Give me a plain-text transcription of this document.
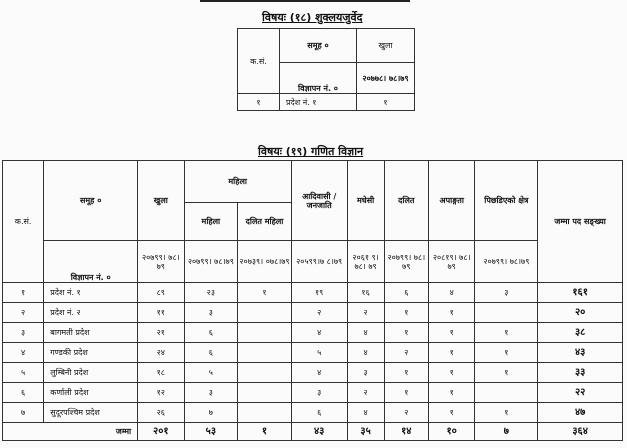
विषयः (१८) शुक्लयजुर्वेद
क.सं.	समूह ०	खुला
	विज्ञापन नं. ०	२०७७८। ७८।७९
१	प्रदेश नं. १	१
विषयः (१९) गणित विज्ञान
क.सं.	समूह ०	खुला	महिला		आदिवासी / जनजाति	मधेसी	दलित	अपाङ्गता	पिछडिएको क्षेत्र	जम्मा पद सङ्ख्या
			महिला	दलित महिला						
	विज्ञापन नं. ०	२०७९९। ७८।७९	२०७९९। ७८।७९	२०७३९। ०७८।७९	२०५९९।७ ८।७९	२०६१ ९।७८। ७९	२०७९९। ७८।७९	२०८१९। ७८।७९	२०७९९। ७८।७९	
१	प्रदेश नं. १	८९	२३	१	१९	१६	६	४	३	१६१
२	प्रदेश नं. २	११	३		२	२	१	१		२०
३	बागमती प्रदेश	२१	६		४	४	१	१	१	३८
४	गण्डकी प्रदेश	२४	६		५	४	२	१	१	४३
५	लुम्बिनी प्रदेश	१८	५		४	३	१	१	१	३३
६	कर्णाली प्रदेश	१२	३		३	२	१	१		२२
७	सुदूरपश्चिम प्रदेश	२६	७		६	४	२	१	१	४७
जम्मा		२०१	५३	१	४३	३५	१४	१०	७	३६४
